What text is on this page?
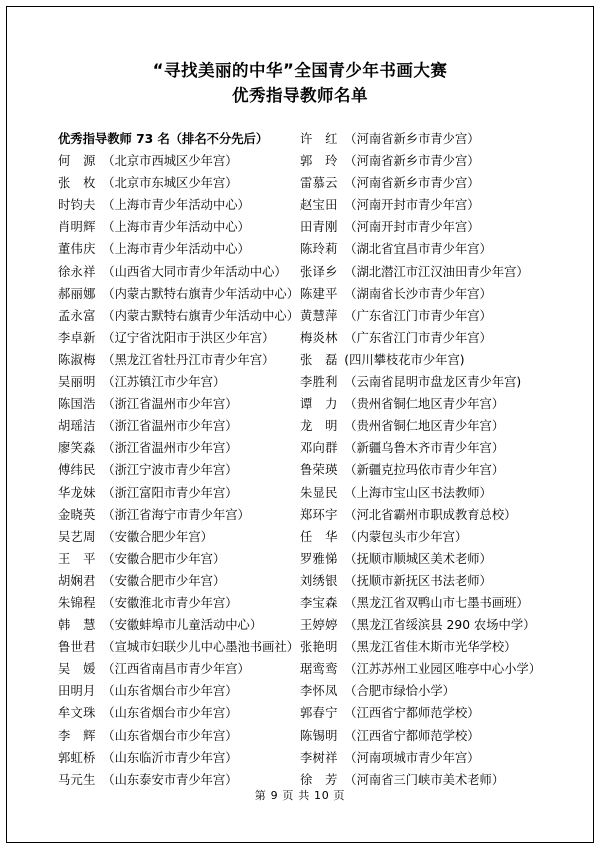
“寻找美丽的中华”全国青少年书画大赛
优秀指导教师名单
优秀指导教师 73 名（排名不分先后）
何　源 （北京市西城区少年宫）
张　枚 （北京市东城区少年宫）
时钧夫 （上海市青少年活动中心）
肖明辉 （上海市青少年活动中心）
董伟庆 （上海市青少年活动中心）
徐永祥 （山西省大同市青少年活动中心）
郝丽娜 （内蒙古默特右旗青少年活动中心）
孟永富 （内蒙古默特右旗青少年活动中心）
李卓新 （辽宁省沈阳市于洪区少年宫）
陈淑梅 （黑龙江省牡丹江市青少年宫）
吴丽明 （江苏镇江市少年宫）
陈国浩 （浙江省温州市少年宫）
胡瑶洁 （浙江省温州市少年宫）
廖笑淼 （浙江省温州市少年宫）
傅纬民 （浙江宁波市青少年宫）
华龙妹 （浙江富阳市青少年宫）
金晓英 （浙江省海宁市青少年宫）
吴艺周 （安徽合肥少年宫）
王　平 （安徽合肥市少年宫）
胡娴君 （安徽合肥市少年宫）
朱锦程 （安徽淮北市青少年宫）
韩　慧 （安徽蚌埠市儿童活动中心）
鲁世君 （宣城市妇联少儿中心墨池书画社）
吴　媛 （江西省南昌市青少年宫）
田明月 （山东省烟台市少年宫）
牟文珠 （山东省烟台市少年宫）
李　辉 （山东省烟台市少年宫）
郭虹桥 （山东临沂市青少年宫）
马元生 （山东泰安市青少年宫）
许　红 （河南省新乡市青少宫）
郭　玲 （河南省新乡市青少宫）
雷慕云 （河南省新乡市青少宫）
赵宝田 （河南开封市青少年宫）
田青刚 （河南开封市青少年宫）
陈玲莉 （湖北省宜昌市青少年宫）
张译乡 （湖北潜江市江汉油田青少年宫）
陈建平 （湖南省长沙市青少年宫）
黄慧萍 （广东省江门市青少年宫）
梅炎林 （广东省江门市青少年宫）
张　磊 (四川攀枝花市少年宫)
李胜利 （云南省昆明市盘龙区青少年宫)
谭　力 （贵州省铜仁地区青少年宫）
龙　明 （贵州省铜仁地区青少年宫）
邓向群 （新疆乌鲁木齐市青少年宫）
鲁荣瑛 （新疆克拉玛依市青少年宫）
朱显民 （上海市宝山区书法教师）
郑环宇 （河北省霸州市职成教育总校）
任　华 （内蒙包头市少年宫）
罗雅悌 （抚顺市顺城区美术老师）
刘绣银 （抚顺市新抚区书法老师）
李宝森 （黑龙江省双鸭山市七墨书画班）
王婷婷 （黑龙江省绥滨县 290 农场中学）
张艳明 （黑龙江省佳木斯市光华学校）
琚鸾鸾 （江苏苏州工业园区唯亭中心小学）
李怀凤 （合肥市绿恰小学）
郭春宁 （江西省宁都师范学校）
陈锡明 （江西省宁都师范学校）
李树祥 （河南项城市青少年宫）
徐　芳 （河南省三门峡市美术老师）
第 9 页 共 10 页
